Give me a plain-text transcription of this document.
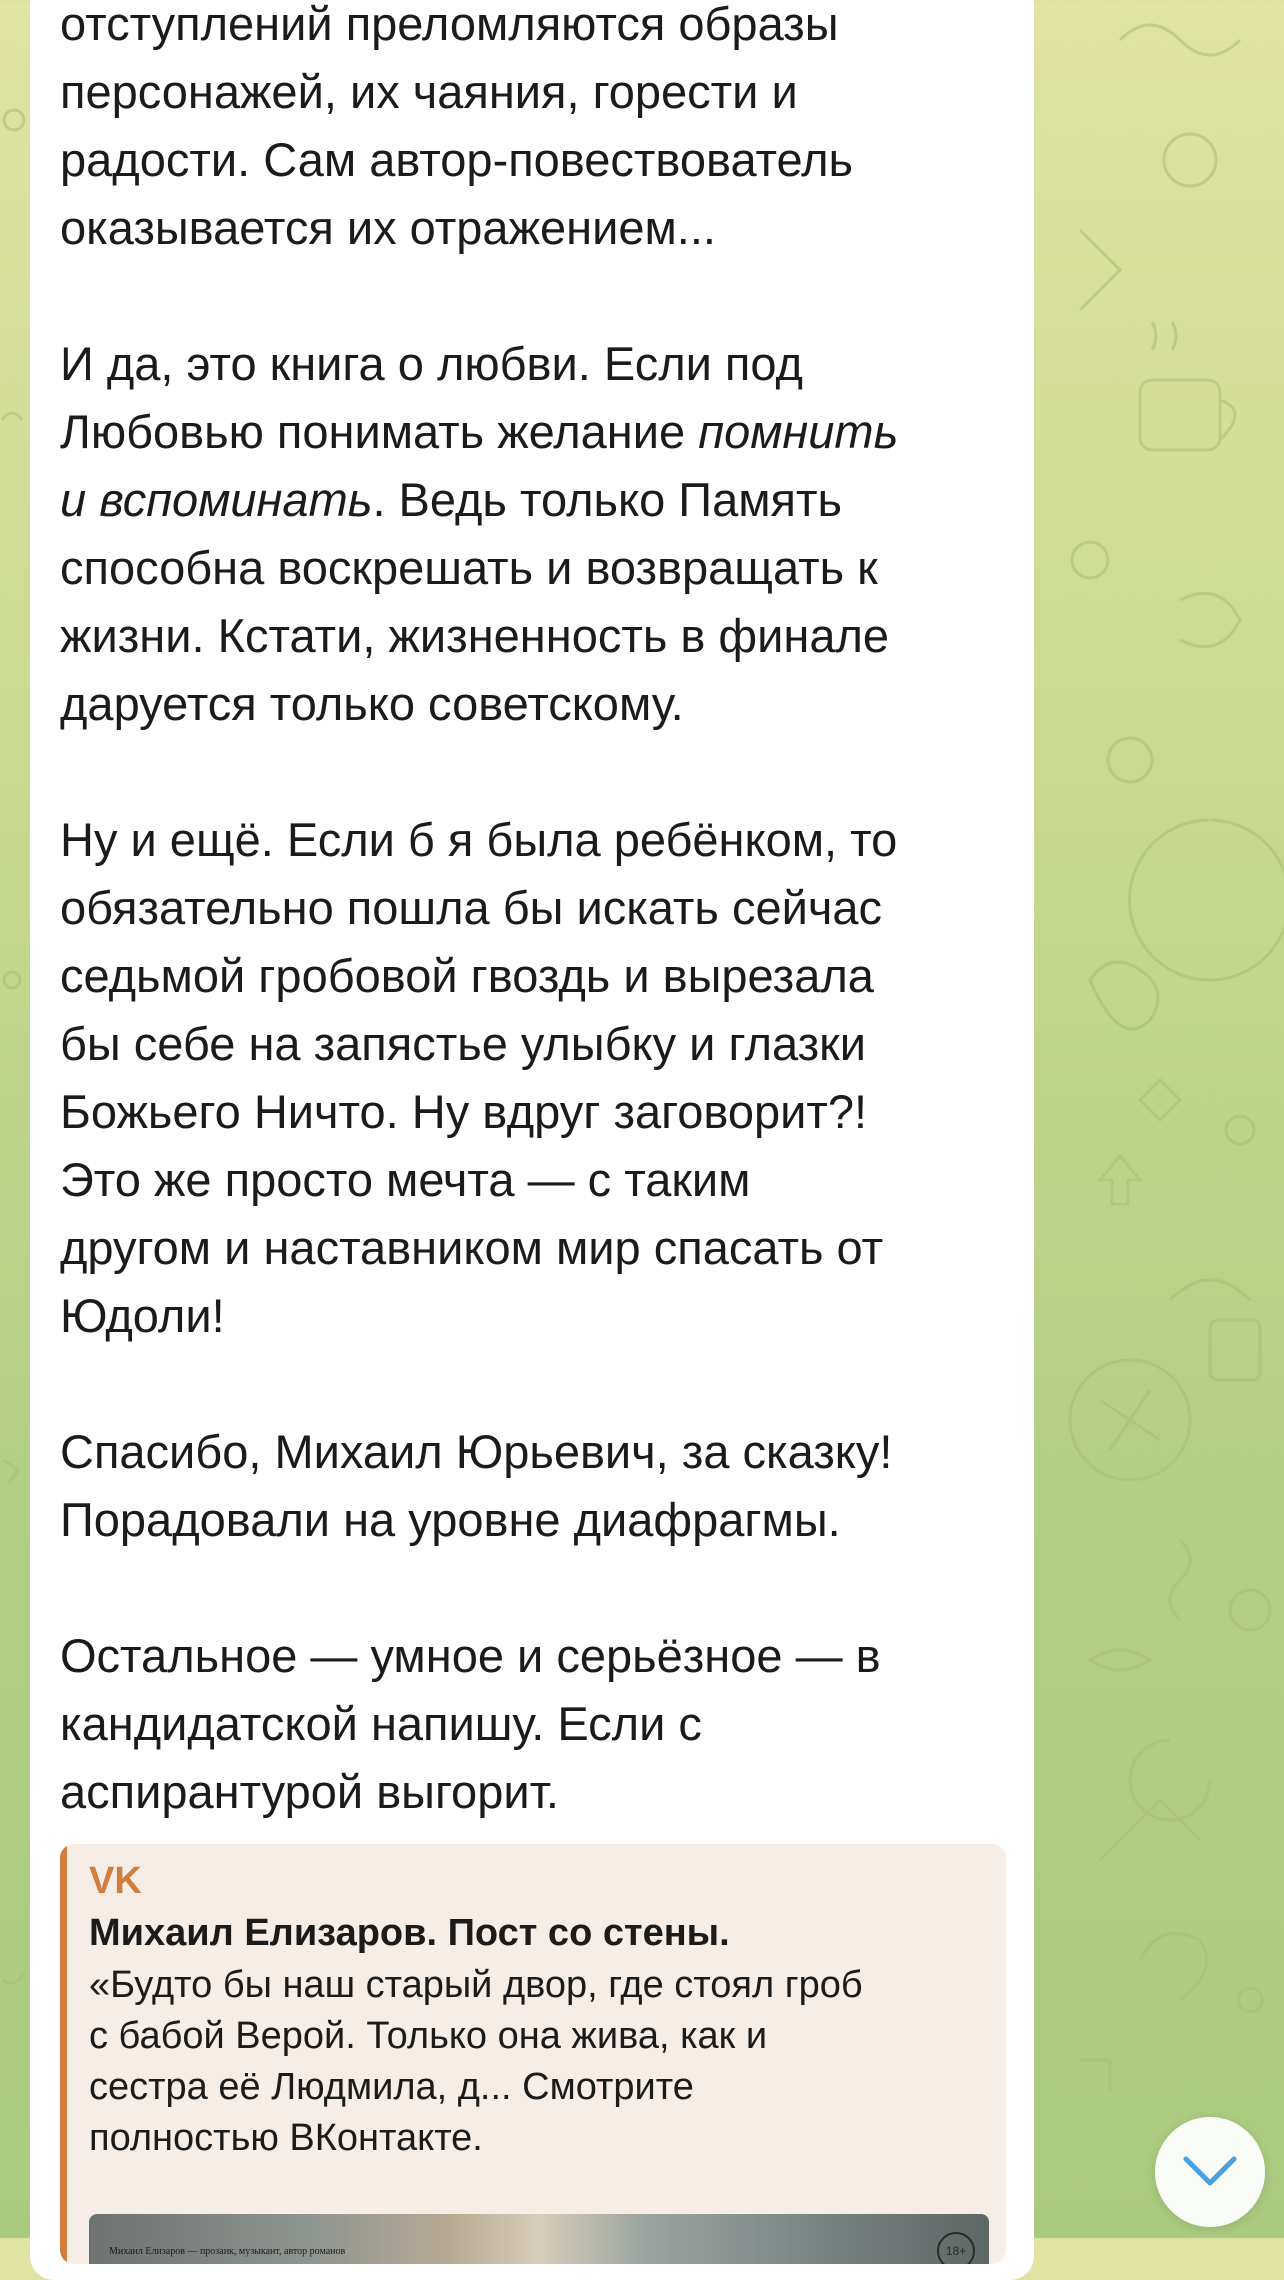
отступлений преломляются образы
персонажей, их чаяния, горести и
радости. Сам автор-повествователь
оказывается их отражением...
И да, это книга о любви. Если под
Любовью понимать желание помнить
и вспоминать. Ведь только Память
способна воскрешать и возвращать к
жизни. Кстати, жизненность в финале
даруется только советскому.
Ну и ещё. Если б я была ребёнком, то
обязательно пошла бы искать сейчас
седьмой гробовой гвоздь и вырезала
бы себе на запястье улыбку и глазки
Божьего Ничто. Ну вдруг заговорит?!
Это же просто мечта — с таким
другом и наставником мир спасать от
Юдоли!
Спасибо, Михаил Юрьевич, за сказку!
Порадовали на уровне диафрагмы.
Остальное — умное и серьёзное — в
кандидатской напишу. Если с
аспирантурой выгорит.
VK
Михаил Елизаров. Пост со стены.
«Будто бы наш старый двор, где стоял гроб
с бабой Верой. Только она жива, как и
сестра её Людмила, д... Смотрите
полностью ВКонтакте.
Михаил Елизаров — прозаик, музыкант, автор романов	18+
